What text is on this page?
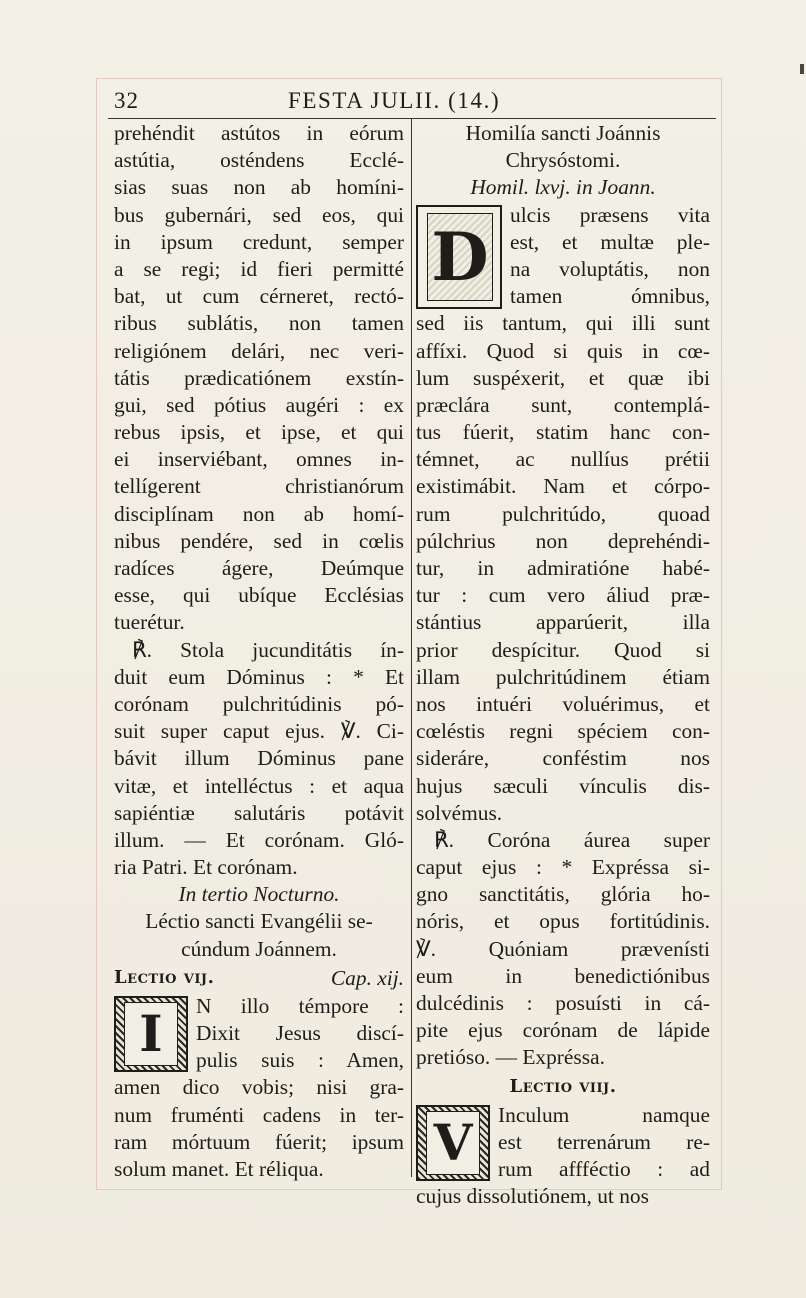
32	FESTA JULII. (14.)
prehéndit astútos in eórum
astútia, osténdens Ecclé-
sias suas non ab homíni-
bus gubernári, sed eos, qui
in ipsum credunt, semper
a se regi; id fieri permitté
bat, ut cum cérneret, rectó-
ribus sublátis, non tamen
religiónem delári, nec veri-
tátis prædicatiónem exstín-
gui, sed pótius augéri : ex
rebus ipsis, et ipse, et qui
ei inserviébant, omnes in-
tellígerent christianórum
disciplínam non ab homí-
nibus pendére, sed in cœlis
radíces ágere, Deúmque
esse, qui ubíque Ecclésias
tuerétur.
℟. Stola jucunditátis ín-
duit eum Dóminus : * Et
corónam pulchritúdinis pó-
suit super caput ejus. ℣. Ci-
bávit illum Dóminus pane
vitæ, et intelléctus : et aqua
sapiéntiæ salutáris potávit
illum. — Et corónam. Gló-
ria Patri. Et corónam.
In tertio Nocturno.
Léctio sancti Evangélii se-
cúndum Joánnem.
Lectio vij.	Cap. xij.
I	N illo témpore :
Dixit Jesus discí-
pulis suis : Amen,
amen dico vobis; nisi gra-
num fruménti cadens in ter-
ram mórtuum fúerit; ipsum
solum manet. Et réliqua.
Homilía sancti Joánnis
Chrysóstomi.
Homil. lxvj. in Joann.
D
ulcis præsens vita
est, et multæ ple-
na voluptátis, non
tamen ómnibus,
sed iis tantum, qui illi sunt
affíxi. Quod si quis in cœ-
lum suspéxerit, et quæ ibi
præclára sunt, contemplá-
tus fúerit, statim hanc con-
témnet, ac nullíus prétii
existimábit. Nam et córpo-
rum pulchritúdo, quoad
púlchrius non deprehéndi-
tur, in admiratióne habé-
tur : cum vero áliud præ-
stántius apparúerit, illa
prior despícitur. Quod si
illam pulchritúdinem étiam
nos intuéri voluérimus, et
cœléstis regni spéciem con-
sideráre, conféstim nos
hujus sæculi vínculis dis-
solvémus.
℟. Coróna áurea super
caput ejus : * Expréssa si-
gno sanctitátis, glória ho-
nóris, et opus fortitúdinis.
℣. Quóniam prævenísti
eum in benedictiónibus
dulcédinis : posuísti in cá-
pite ejus corónam de lápide
pretióso. — Expréssa.
Lectio viij.
V	Inculum namque
est terrenárum re-
rum affféctio : ad
cujus dissolutiónem, ut nos
